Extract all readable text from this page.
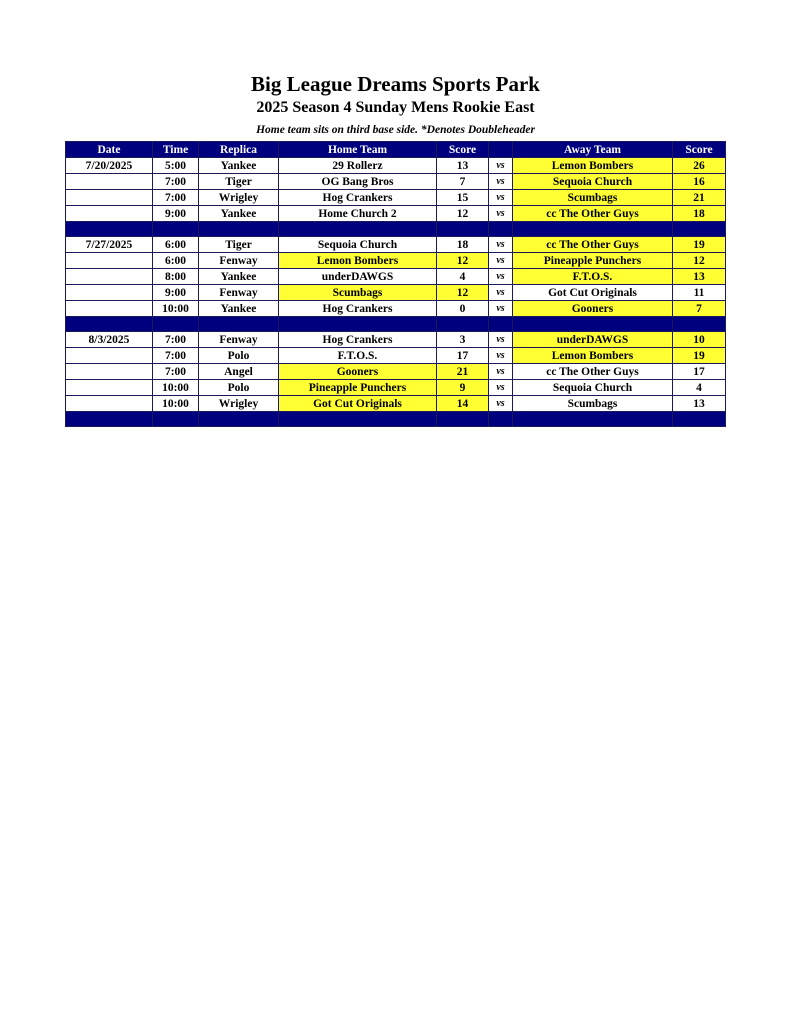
Big League Dreams Sports Park
2025 Season 4 Sunday Mens Rookie East
Home team sits on third base side. *Denotes Doubleheader
Date	Time	Replica	Home Team	Score		Away Team	Score
7/20/2025	5:00	Yankee	29 Rollerz	13	vs	Lemon Bombers	26
	7:00	Tiger	OG Bang Bros	7	vs	Sequoia Church	16
	7:00	Wrigley	Hog Crankers	15	vs	Scumbags	21
	9:00	Yankee	Home Church 2	12	vs	cc The Other Guys	18

7/27/2025	6:00	Tiger	Sequoia Church	18	vs	cc The Other Guys	19
	6:00	Fenway	Lemon Bombers	12	vs	Pineapple Punchers	12
	8:00	Yankee	underDAWGS	4	vs	F.T.O.S.	13
	9:00	Fenway	Scumbags	12	vs	Got Cut Originals	11
	10:00	Yankee	Hog Crankers	0	vs	Gooners	7

8/3/2025	7:00	Fenway	Hog Crankers	3	vs	underDAWGS	10
	7:00	Polo	F.T.O.S.	17	vs	Lemon Bombers	19
	7:00	Angel	Gooners	21	vs	cc The Other Guys	17
	10:00	Polo	Pineapple Punchers	9	vs	Sequoia Church	4
	10:00	Wrigley	Got Cut Originals	14	vs	Scumbags	13
